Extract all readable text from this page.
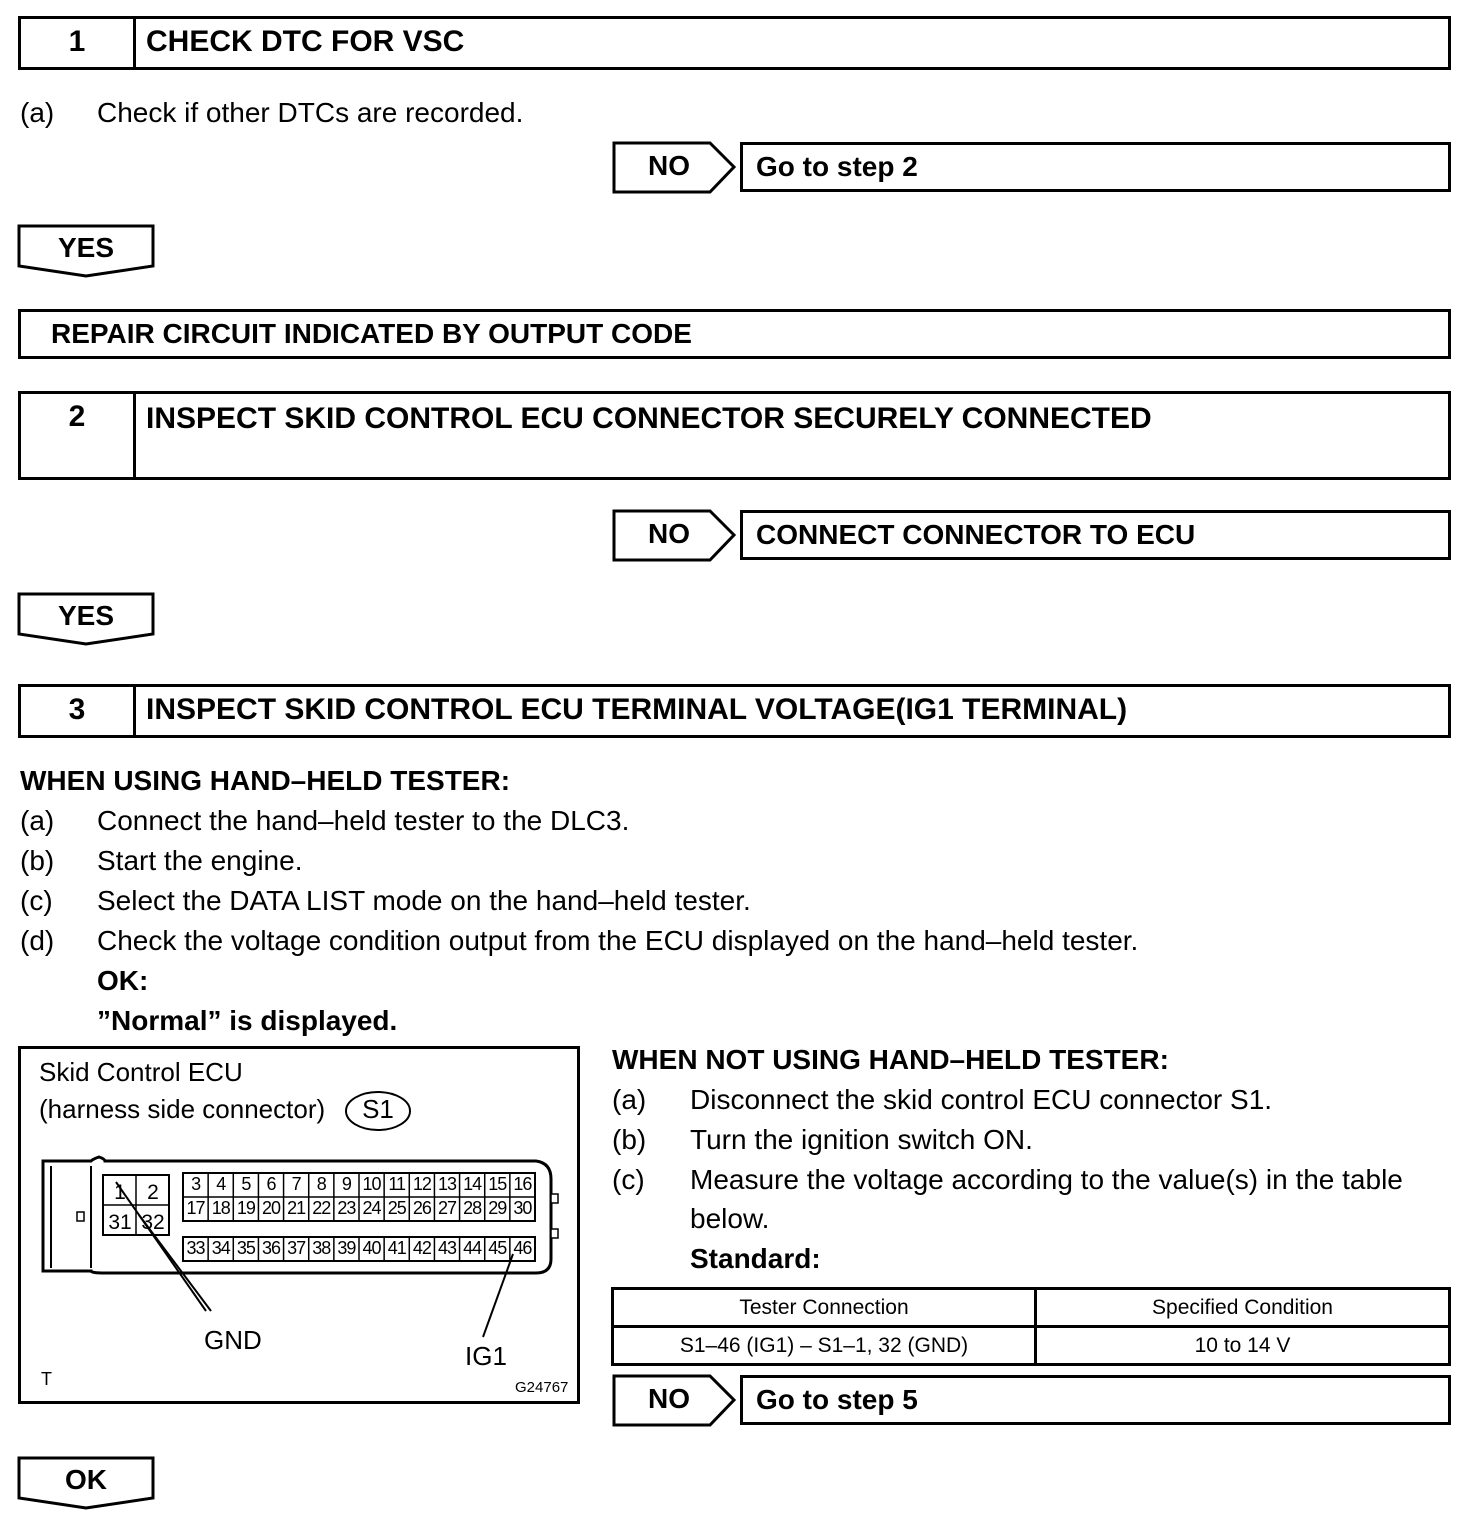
1	CHECK DTC FOR VSC
(a) Check if other DTCs are recorded.
NO	Go to step 2
YES
REPAIR CIRCUIT INDICATED BY OUTPUT CODE
2	INSPECT SKID CONTROL ECU CONNECTOR SECURELY CONNECTED
NO	CONNECT CONNECTOR TO ECU
YES
3	INSPECT SKID CONTROL ECU TERMINAL VOLTAGE(IG1 TERMINAL)
WHEN USING HAND–HELD TESTER:
(a) Connect the hand–held tester to the DLC3.
(b) Start the engine.
(c) Select the DATA LIST mode on the hand–held tester.
(d) Check the voltage condition output from the ECU displayed on the hand–held tester.
OK:
”Normal” is displayed.
Skid Control ECU
(harness side connector)	S1
1	2
31 32
3 4 5 6 7 8 9 10 11 12 13 14 15 16
17 18 19 20 21 22 23 24 25 26 27 28 29 30
33 34 35 36 37 38 39 40 41 42 43 44 45 46
GND
IG1
T	G24767
WHEN NOT USING HAND–HELD TESTER:
(a) Disconnect the skid control ECU connector S1.
(b) Turn the ignition switch ON.
(c) Measure the voltage according to the value(s) in the table
below.
Standard:
Tester Connection	Specified Condition
S1–46 (IG1) – S1–1, 32 (GND)	10 to 14 V
NO	Go to step 5
OK
